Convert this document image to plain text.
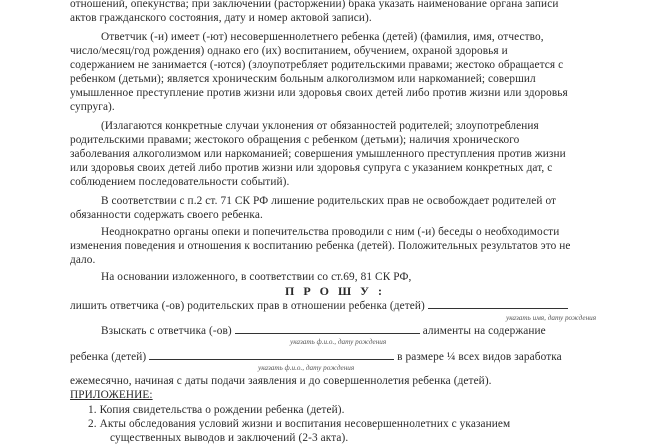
отношений, опекунства; при заключении (расторжении) брака указать наименование органа записи
актов гражданского состояния, дату и номер актовой записи).
Ответчик (-и) имеет (-ют) несовершеннолетнего ребенка (детей) (фамилия, имя, отчество,
число/месяц/год рождения) однако его (их) воспитанием, обучением, охраной здоровья и
содержанием не занимается (-ются) (злоупотребляет родительскими правами; жестоко обращается с
ребенком (детьми); является хроническим больным алкоголизмом или наркоманией; совершил
умышленное преступление против жизни или здоровья своих детей либо против жизни или здоровья
супруга).
(Излагаются конкретные случаи уклонения от обязанностей родителей; злоупотребления
родительскими правами; жестокого обращения с ребенком (детьми); наличия хронического
заболевания алкоголизмом или наркоманией; совершения умышленного преступления против жизни
или здоровья своих детей либо против жизни или здоровья супруга с указанием конкретных дат, с
соблюдением последовательности событий).
В соответствии с п.2 ст. 71 СК РФ лишение родительских прав не освобождает родителей от
обязанности содержать своего ребенка.
Неоднократно органы опеки и попечительства проводили с ним (-и) беседы о необходимости
изменения поведения и отношения к воспитанию ребенка (детей). Положительных результатов это не
дало.
На основании изложенного, в соответствии со ст.69, 81 СК РФ,
П Р О Ш У :
лишить ответчика (-ов) родительских прав в отношении ребенка (детей)
указать имя, дату рождения
Взыскать с ответчика (-ов)	алименты на содержание
указать ф.и.о., дату рождения
ребенка (детей)	в размере ¼ всех видов заработка
указать ф.и.о., дату рождения
ежемесячно, начиная с даты подачи заявления и до совершеннолетия ребенка (детей).
ПРИЛОЖЕНИЕ:
1. Копия свидетельства о рождении ребенка (детей).
2. Акты обследования условий жизни и воспитания несовершеннолетних с указанием
существенных выводов и заключений (2-3 акта).
